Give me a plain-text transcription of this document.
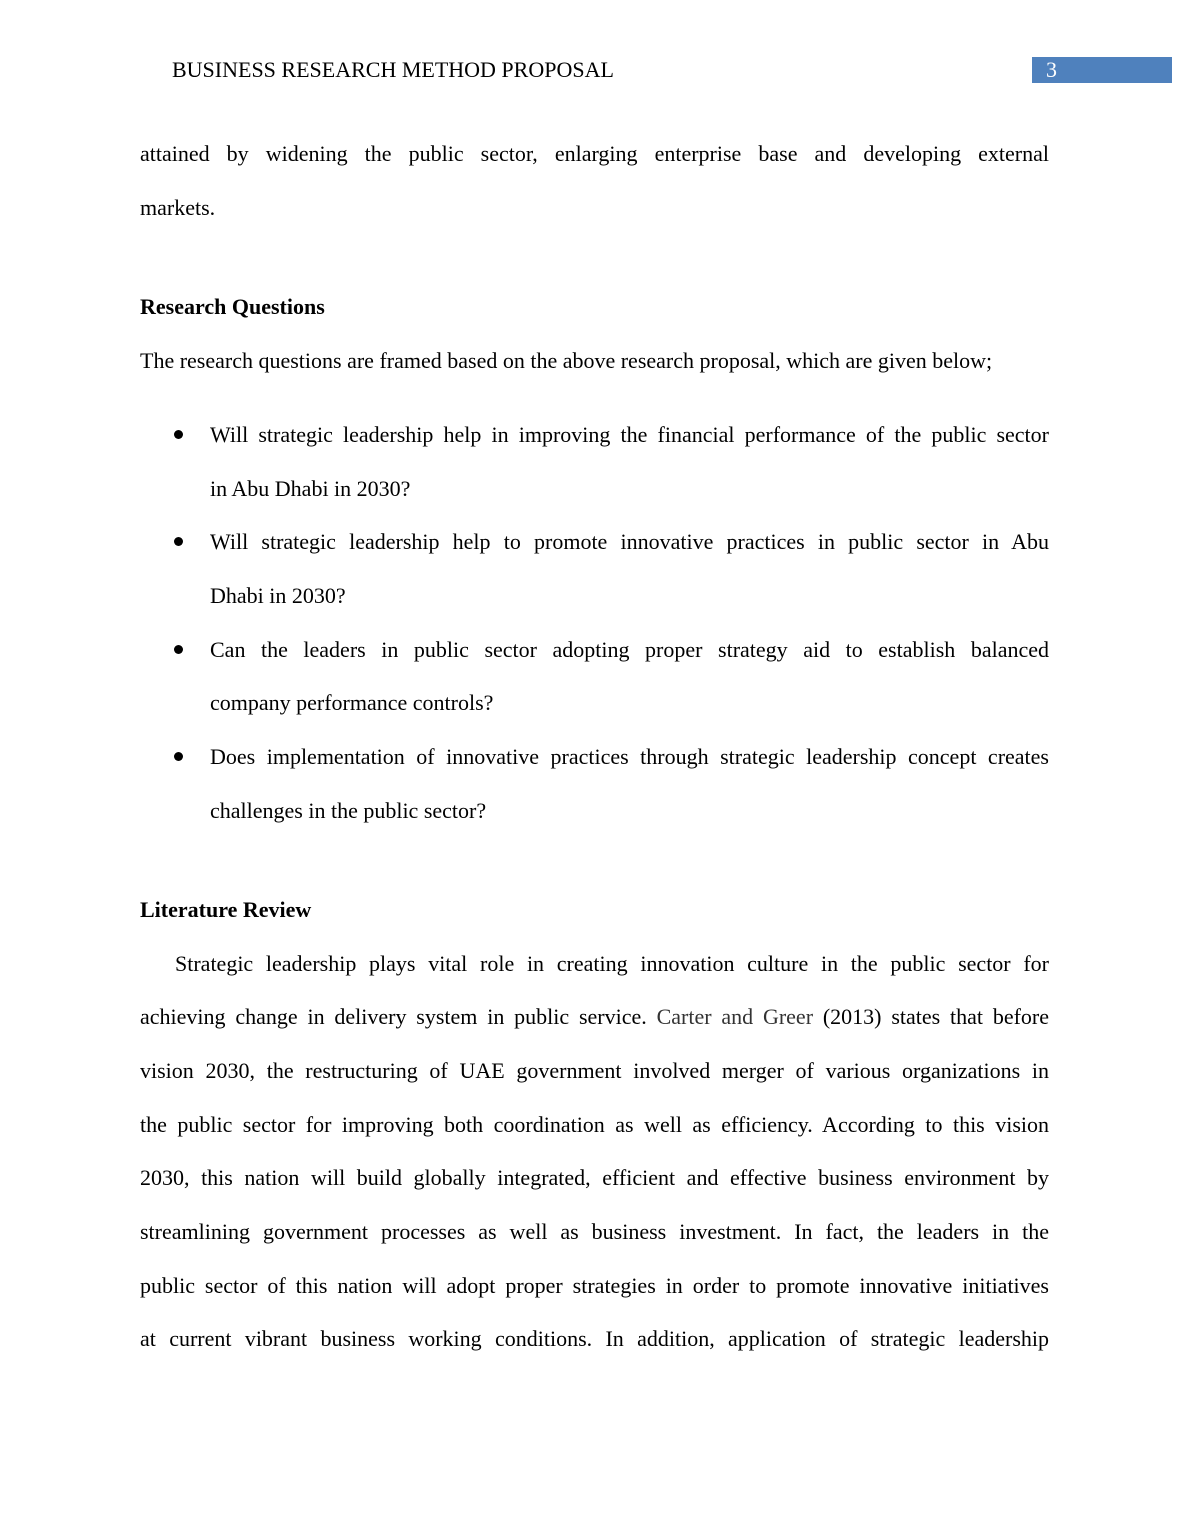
BUSINESS RESEARCH METHOD PROPOSAL	3
attained by widening the public sector, enlarging enterprise base and developing external
markets.
Research Questions
The research questions are framed based on the above research proposal, which are given below;
Will strategic leadership help in improving the financial performance of the public sector
in Abu Dhabi in 2030?
Will strategic leadership help to promote innovative practices in public sector in Abu
Dhabi in 2030?
Can the leaders in public sector adopting proper strategy aid to establish balanced
company performance controls?
Does implementation of innovative practices through strategic leadership concept creates
challenges in the public sector?
Literature Review
Strategic leadership plays vital role in creating innovation culture in the public sector for
achieving change in delivery system in public service. Carter and Greer (2013) states that before
vision 2030, the restructuring of UAE government involved merger of various organizations in
the public sector for improving both coordination as well as efficiency. According to this vision
2030, this nation will build globally integrated, efficient and effective business environment by
streamlining government processes as well as business investment. In fact, the leaders in the
public sector of this nation will adopt proper strategies in order to promote innovative initiatives
at current vibrant business working conditions. In addition, application of strategic leadership
